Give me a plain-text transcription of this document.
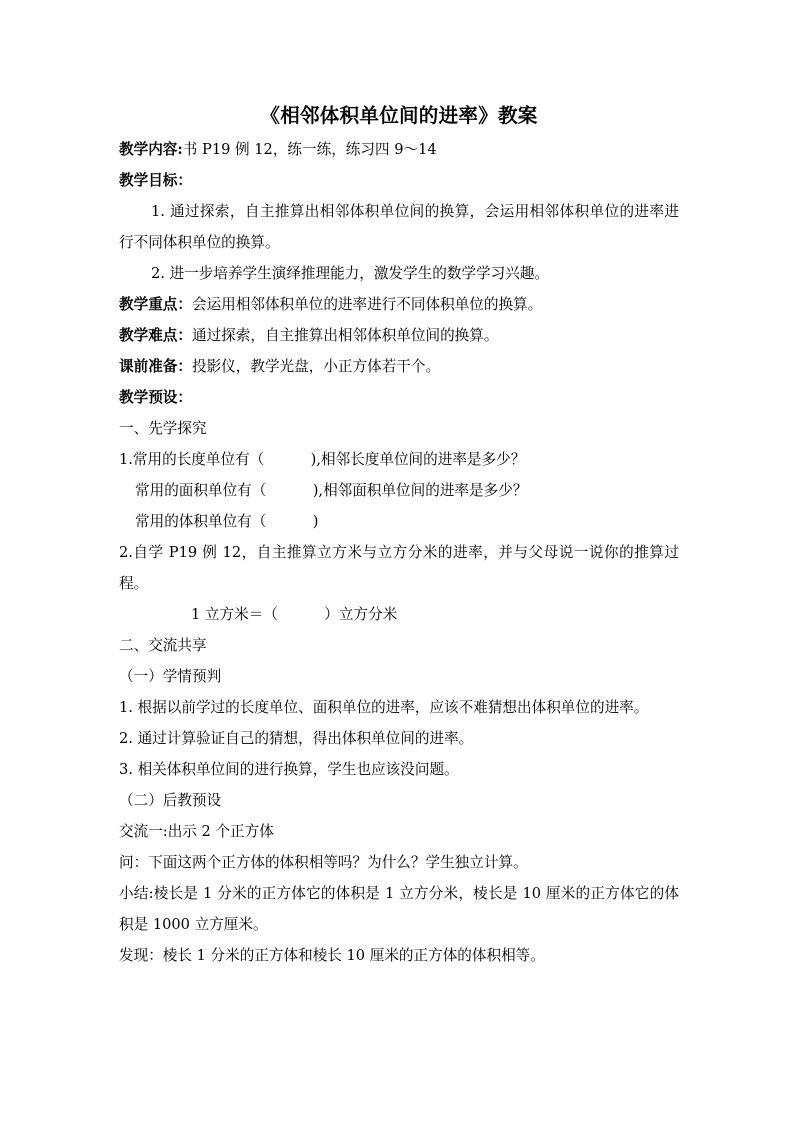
《相邻体积单位间的进率》教案

教学内容:书 P19 例 12，练一练，练习四 9～14

教学目标：

1. 通过探索，自主推算出相邻体积单位间的换算，会运用相邻体积单位的进率进行不同体积单位的换算。

2. 进一步培养学生演绎推理能力，激发学生的数学学习兴趣。

教学重点：会运用相邻体积单位的进率进行不同体积单位的换算。

教学难点：通过探索，自主推算出相邻体积单位间的换算。

课前准备：投影仪，教学光盘，小正方体若干个。

教学预设：

一、先学探究

1.常用的长度单位有（          ),相邻长度单位间的进率是多少？

常用的面积单位有（          ),相邻面积单位间的进率是多少？

常用的体积单位有（          )

2.自学 P19 例 12，自主推算立方米与立方分米的进率，并与父母说一说你的推算过程。

1 立方米＝（          ）立方分米

二、交流共享

（一）学情预判

1. 根据以前学过的长度单位、面积单位的进率，应该不难猜想出体积单位的进率。

2. 通过计算验证自己的猜想，得出体积单位间的进率。

3. 相关体积单位间的进行换算，学生也应该没问题。

（二）后教预设

交流一:出示 2 个正方体

问：下面这两个正方体的体积相等吗？为什么？学生独立计算。

小结:棱长是 1 分米的正方体它的体积是 1 立方分米，棱长是 10 厘米的正方体它的体积是 1000 立方厘米。

发现：棱长 1 分米的正方体和棱长 10 厘米的正方体的体积相等。
